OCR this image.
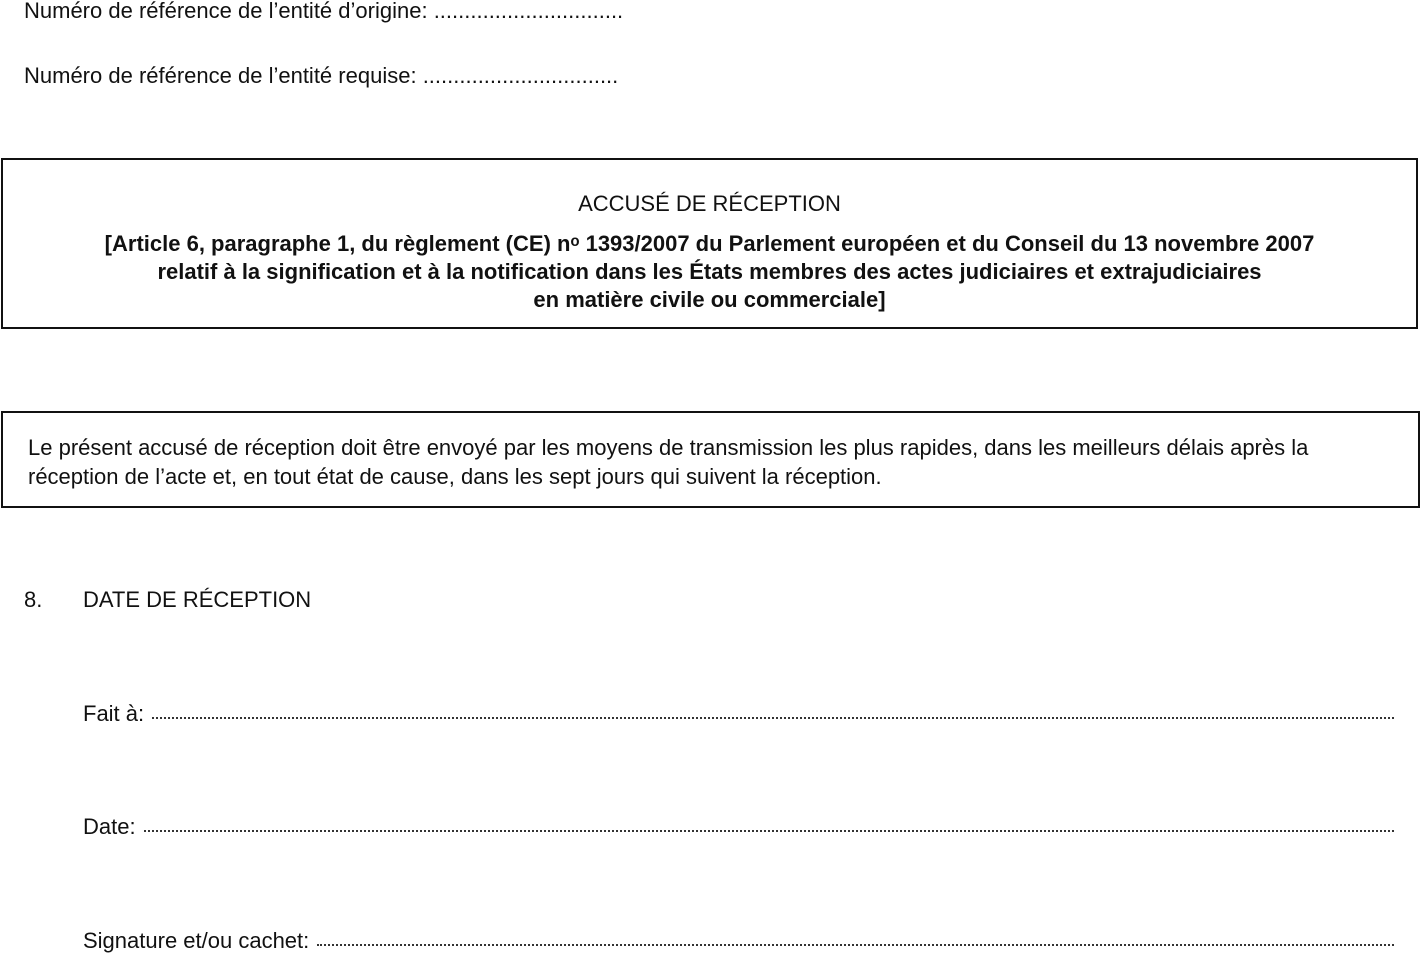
Numéro de référence de l’entité d’origine: ...............................
Numéro de référence de l’entité requise: ................................
ACCUSÉ DE RÉCEPTION
[Article 6, paragraphe 1, du règlement (CE) nᵒ 1393/2007 du Parlement européen et du Conseil du 13 novembre 2007
relatif à la signification et à la notification dans les États membres des actes judiciaires et extrajudiciaires
en matière civile ou commerciale]
Le présent accusé de réception doit être envoyé par les moyens de transmission les plus rapides, dans les meilleurs délais après la réception de l’acte et, en tout état de cause, dans les sept jours qui suivent la réception.
8. DATE DE RÉCEPTION
Fait à:
Date:
Signature et/ou cachet:
